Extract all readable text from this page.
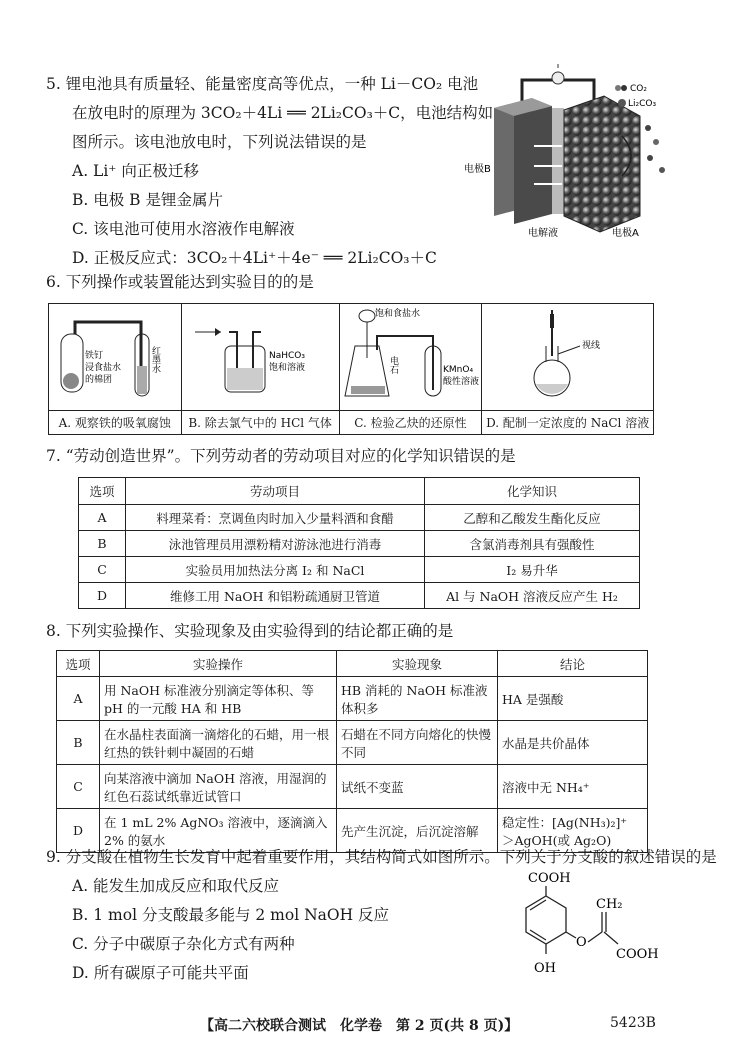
5. 锂电池具有质量轻、能量密度高等优点，一种 Li－CO₂ 电池
在放电时的原理为 3CO₂＋4Li ══ 2Li₂CO₃＋C，电池结构如
图所示。该电池放电时，下列说法错误的是
A. Li⁺ 向正极迁移
B. 电极 B 是锂金属片
C. 该电池可使用水溶液作电解液
D. 正极反应式：3CO₂＋4Li⁺＋4e⁻ ══ 2Li₂CO₃＋C
CO₂
Li₂CO₃
电极B
电解液	电极A
6. 下列操作或装置能达到实验目的的是
铁钉
浸食盐水
的棉团
红墨水	NaHCO₃
饱和溶液	饱和食盐水
电石 KMnO₄
酸性溶液	视线

A. 观察铁的吸氧腐蚀	B. 除去氯气中的 HCl 气体	C. 检验乙炔的还原性	D. 配制一定浓度的 NaCl 溶液
7. “劳动创造世界”。下列劳动者的劳动项目对应的化学知识错误的是
选项	劳动项目	化学知识
A	料理菜肴：烹调鱼肉时加入少量料酒和食醋	乙醇和乙酸发生酯化反应
B	泳池管理员用漂粉精对游泳池进行消毒	含氯消毒剂具有强酸性
C	实验员用加热法分离 I₂ 和 NaCl	I₂ 易升华
D	维修工用 NaOH 和铝粉疏通厨卫管道	Al 与 NaOH 溶液反应产生 H₂
8. 下列实验操作、实验现象及由实验得到的结论都正确的是
选项	实验操作	实验现象	结论
A	用 NaOH 标准液分别滴定等体积、等pH 的一元酸 HA 和 HB	HB 消耗的 NaOH 标准液体积多	HA 是强酸
B	在水晶柱表面滴一滴熔化的石蜡，用一根红热的铁针刺中凝固的石蜡	石蜡在不同方向熔化的快慢不同	水晶是共价晶体
C	向某溶液中滴加 NaOH 溶液，用湿润的红色石蕊试纸靠近试管口	试纸不变蓝	溶液中无 NH₄⁺
D	在 1 mL 2% AgNO₃ 溶液中，逐滴滴入 2% 的氨水	先产生沉淀，后沉淀溶解	稳定性：[Ag(NH₃)₂]⁺ ＞AgOH(或 Ag₂O)
9. 分支酸在植物生长发育中起着重要作用，其结构简式如图所示。下列关于分支酸的叙述错误的是
A. 能发生加成反应和取代反应
B. 1 mol 分支酸最多能与 2 mol NaOH 反应
C. 分子中碳原子杂化方式有两种
D. 所有碳原子可能共平面
COOH
CH₂
O
COOH
OH
【高二六校联合测试　化学卷　第 2 页(共 8 页)】	5423B
